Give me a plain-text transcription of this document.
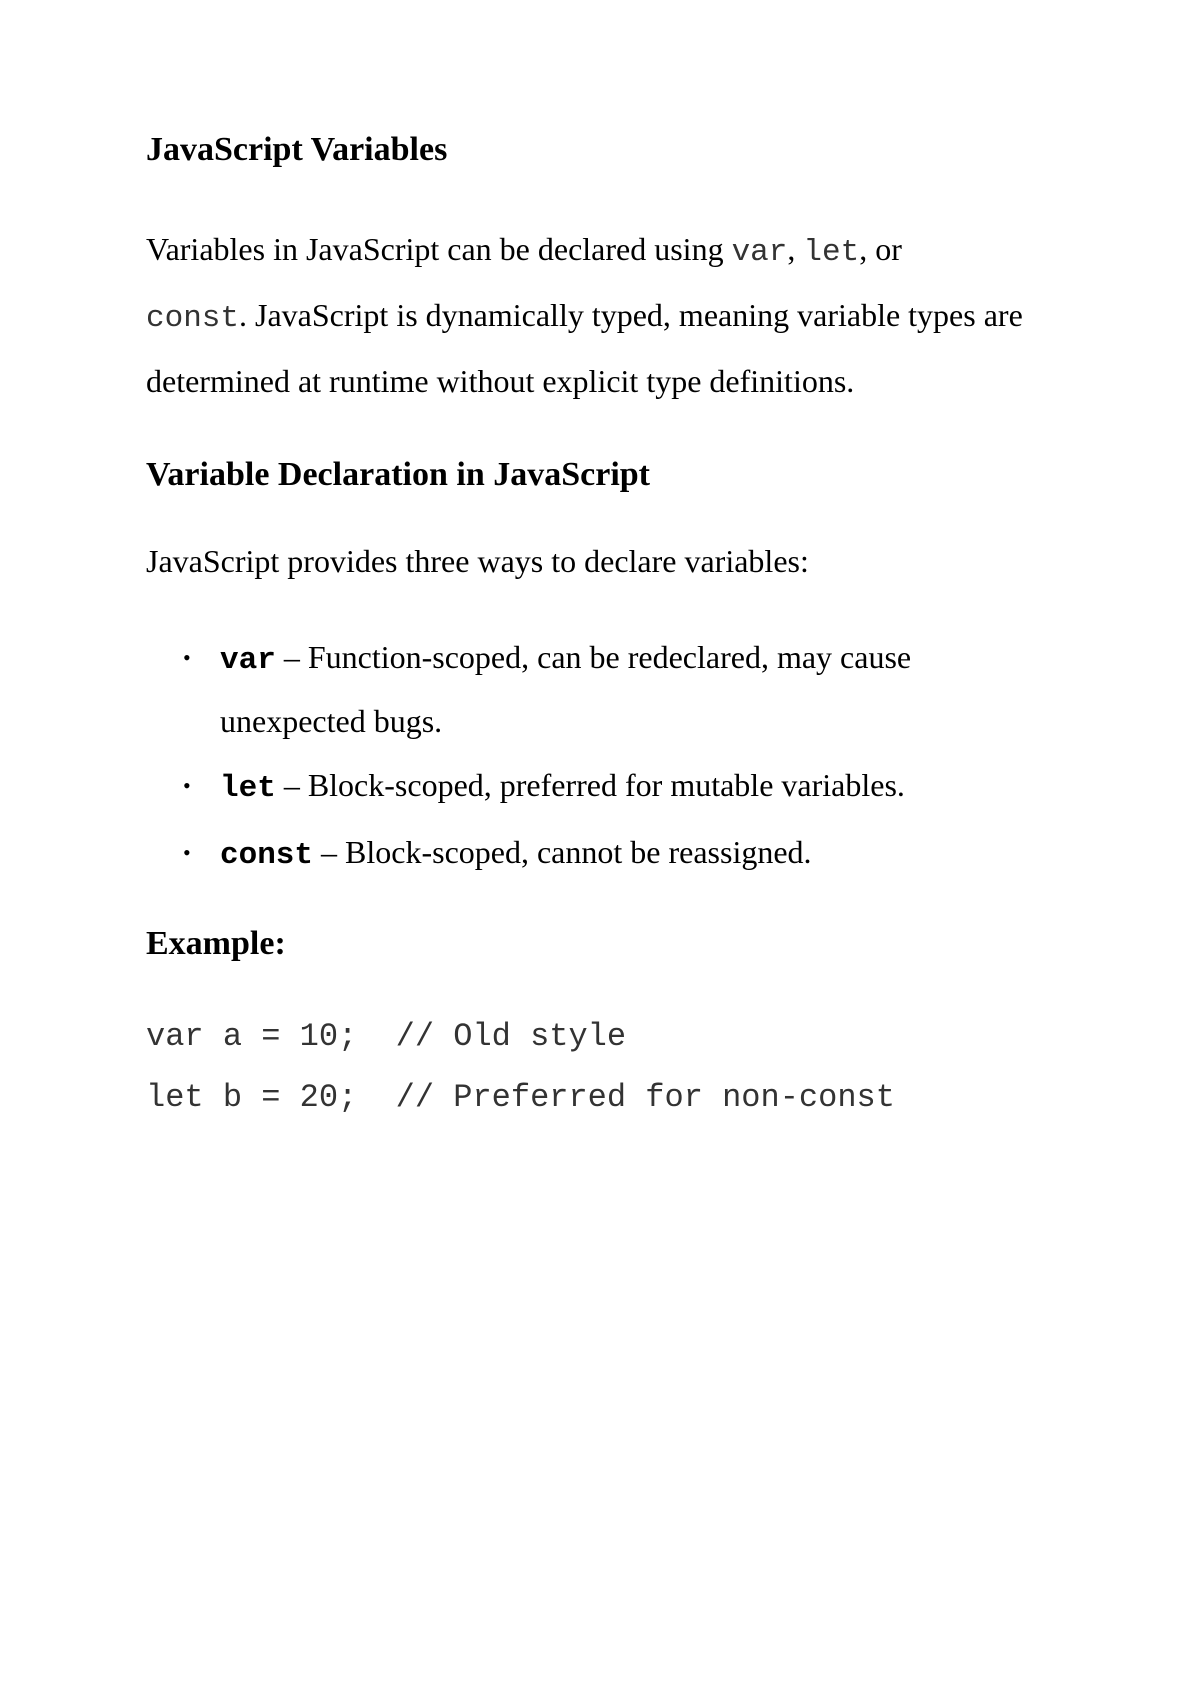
JavaScript Variables

Variables in JavaScript can be declared using var, let, or
const. JavaScript is dynamically typed, meaning variable types are determined at runtime without explicit type definitions.

Variable Declaration in JavaScript

JavaScript provides three ways to declare variables:

• var – Function-scoped, can be redeclared, may cause unexpected bugs.
• let – Block-scoped, preferred for mutable variables.
• const – Block-scoped, cannot be reassigned.
Example:
var a = 10;  // Old style
let b = 20;  // Preferred for non-const
